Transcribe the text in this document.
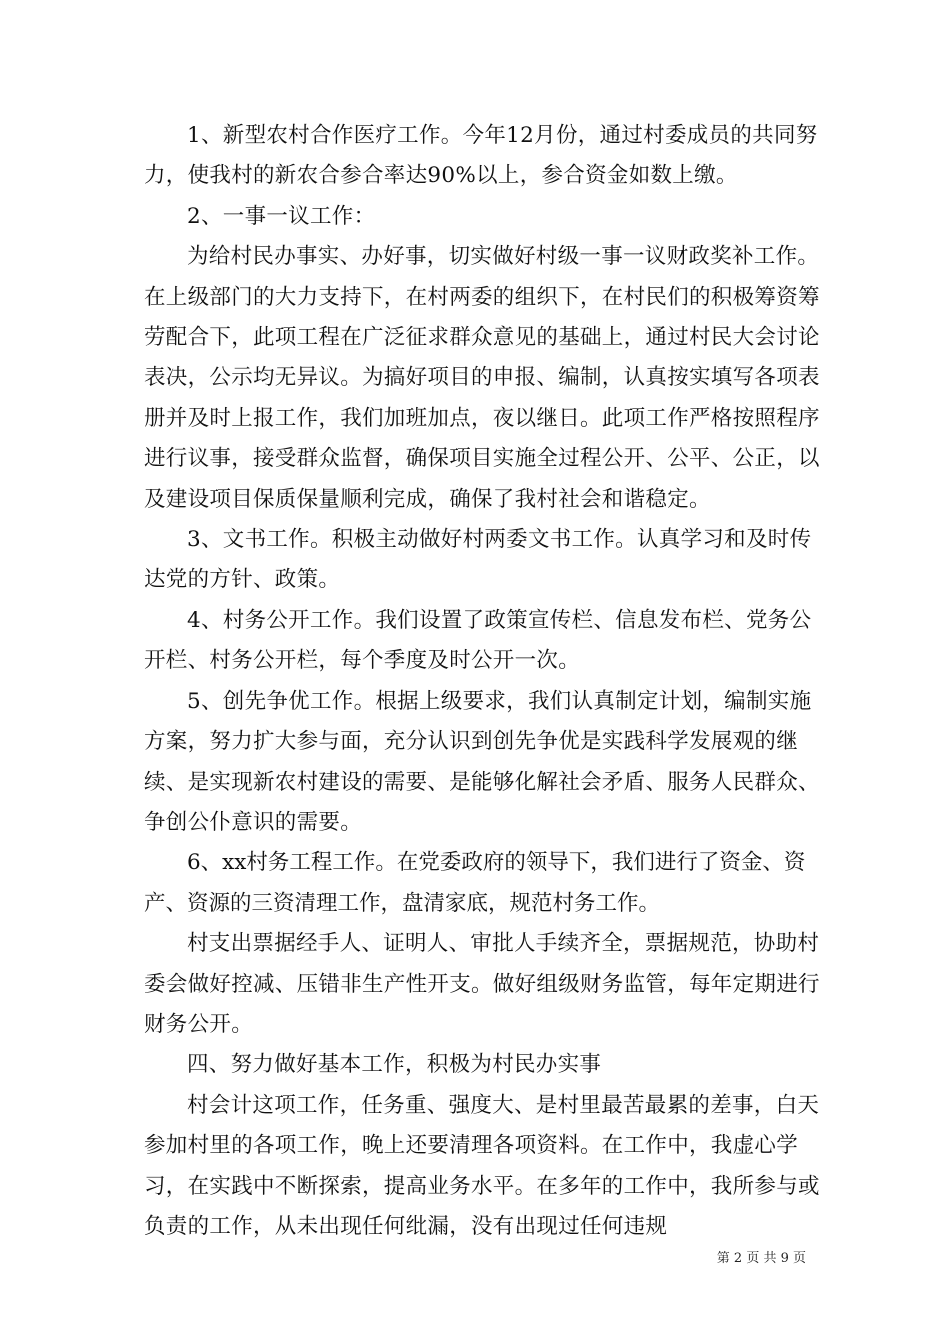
1、新型农村合作医疗工作。今年12月份，通过村委成员的共同努力，使我村的新农合参合率达90%以上，参合资金如数上缴。

2、一事一议工作：

为给村民办事实、办好事，切实做好村级一事一议财政奖补工作。在上级部门的大力支持下，在村两委的组织下，在村民们的积极筹资筹劳配合下，此项工程在广泛征求群众意见的基础上，通过村民大会讨论表决，公示均无异议。为搞好项目的申报、编制，认真按实填写各项表册并及时上报工作，我们加班加点，夜以继日。此项工作严格按照程序进行议事，接受群众监督，确保项目实施全过程公开、公平、公正，以及建设项目保质保量顺利完成，确保了我村社会和谐稳定。

3、文书工作。积极主动做好村两委文书工作。认真学习和及时传达党的方针、政策。

4、村务公开工作。我们设置了政策宣传栏、信息发布栏、党务公开栏、村务公开栏，每个季度及时公开一次。

5、创先争优工作。根据上级要求，我们认真制定计划，编制实施方案，努力扩大参与面，充分认识到创先争优是实践科学发展观的继续、是实现新农村建设的需要、是能够化解社会矛盾、服务人民群众、争创公仆意识的需要。

6、xx村务工程工作。在党委政府的领导下，我们进行了资金、资产、资源的三资清理工作，盘清家底，规范村务工作。

村支出票据经手人、证明人、审批人手续齐全，票据规范，协助村委会做好控减、压错非生产性开支。做好组级财务监管，每年定期进行财务公开。

四、努力做好基本工作，积极为村民办实事

村会计这项工作，任务重、强度大、是村里最苦最累的差事，白天参加村里的各项工作，晚上还要清理各项资料。在工作中，我虚心学习，在实践中不断探索，提高业务水平。在多年的工作中，我所参与或负责的工作，从未出现任何纰漏，没有出现过任何违规

第 2 页 共 9 页
